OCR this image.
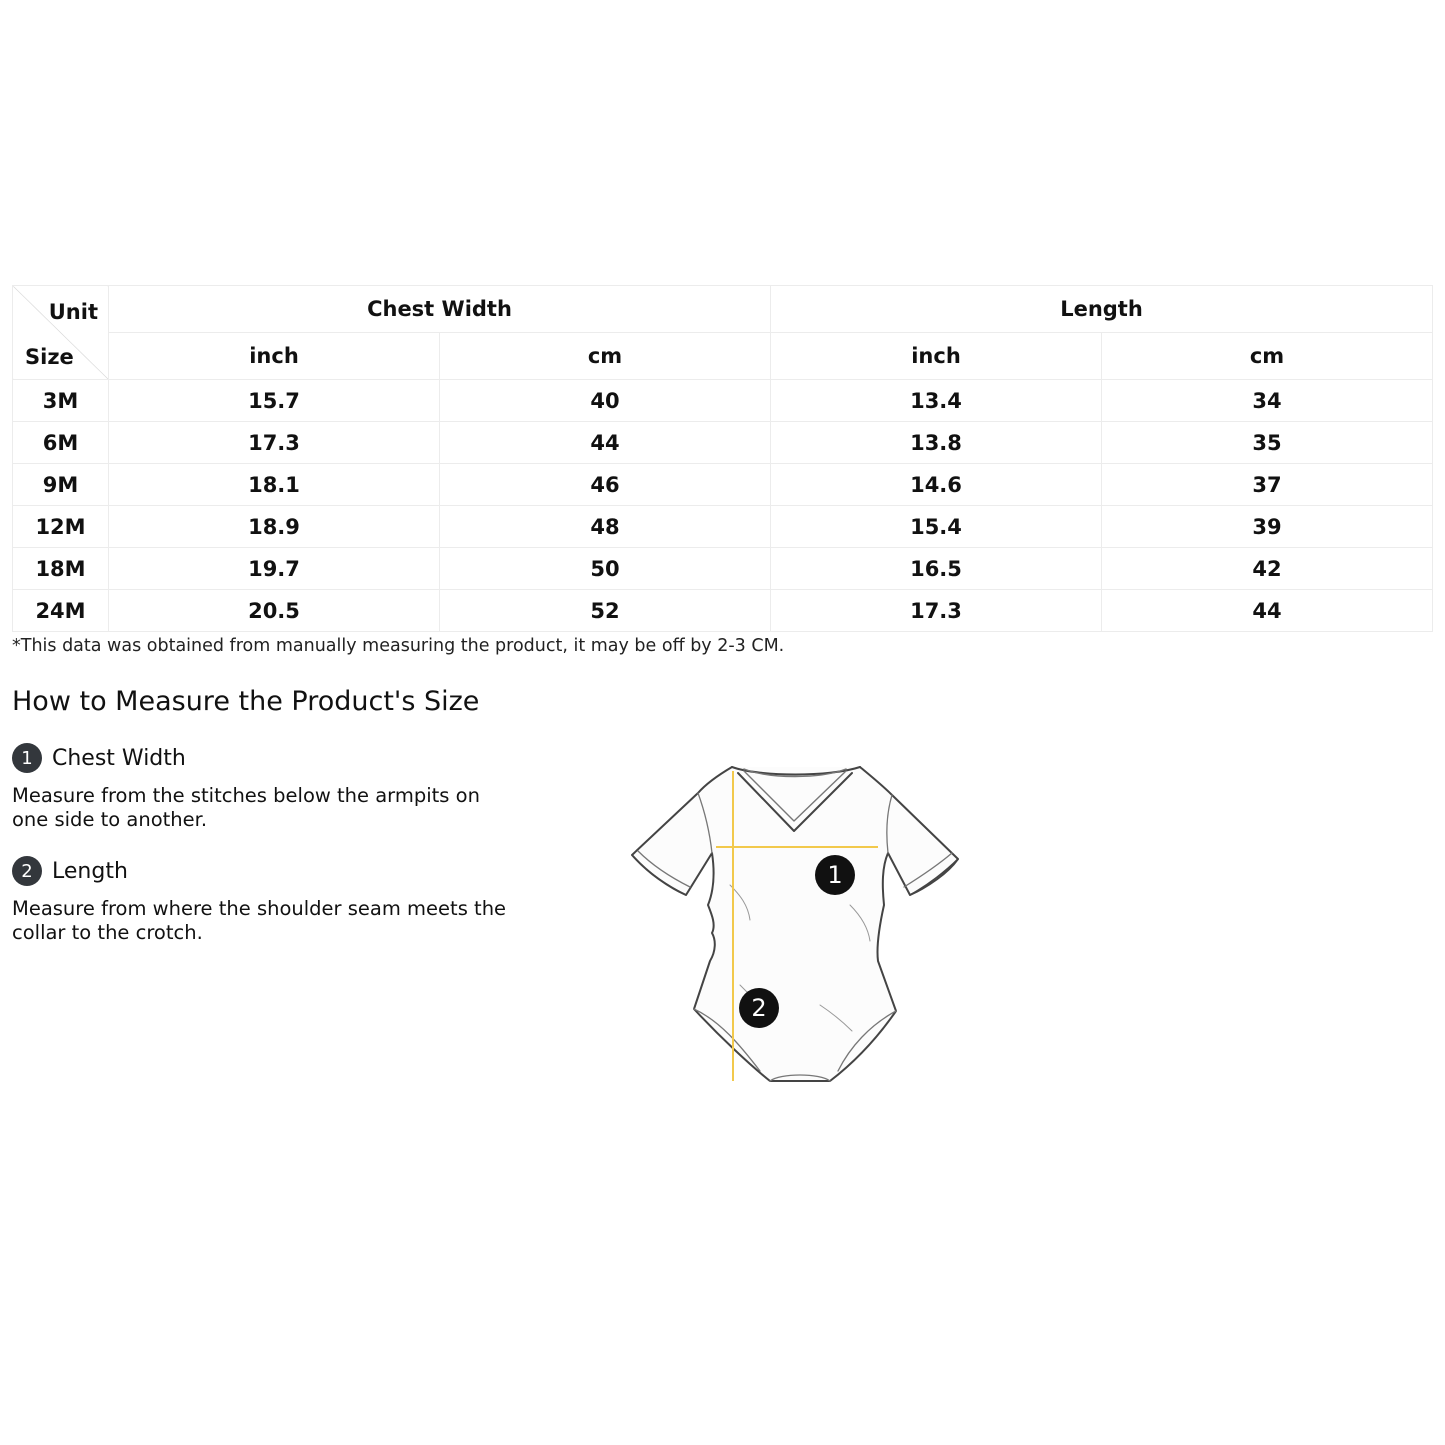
Unit
Size	Chest Width		Length	
	inch	cm	inch	cm
3M	15.7	40	13.4	34
6M	17.3	44	13.8	35
9M	18.1	46	14.6	37
12M	18.9	48	15.4	39
18M	19.7	50	16.5	42
24M	20.5	52	17.3	44
*This data was obtained from manually measuring the product, it may be off by 2-3 CM.
How to Measure the Product's Size
1 Chest Width
Measure from the stitches below the armpits on one side to another.
2 Length
Measure from where the shoulder seam meets the collar to the crotch.
1
2
